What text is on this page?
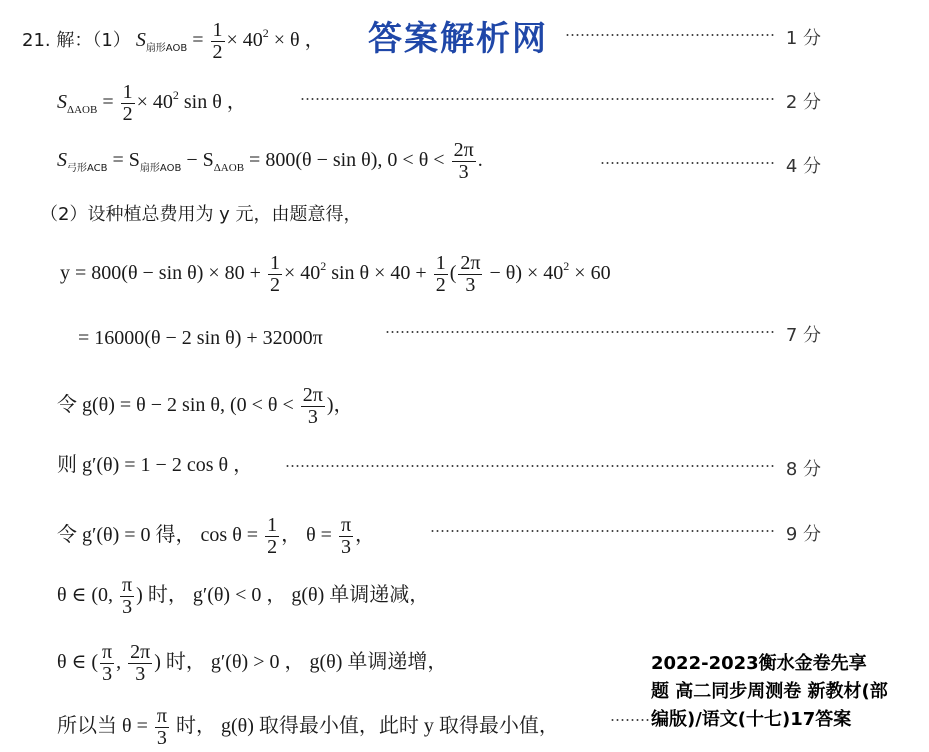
答案解析网
21. 解：（1） $S_{扇形AOB} = \frac{1}{2} \times 40^2 \times \theta$ ，	1 分
$S_{\Delta AOB} = \frac{1}{2} \times 40^2$ sin θ ，	2 分
$S_{弓形ACB} = S_{扇形AOB} - S_{\Delta AOB} = 800(\theta - \sin \theta)$, $0 < \theta < \frac{2\pi}{3}$ .	4 分
（2）设种植总费用为 y 元，由题意得，
$y = 800(\theta - \sin \theta) \times 80 + \frac{1}{2} \times 40^2$ $\sin \theta \times 40 + \frac{1}{2}$ ( $\frac{2\pi}{3} - \theta) \times 40^2 \times 60$
= 16000(θ − 2 sin θ) + 32000π	7 分
令 g(θ) = θ − 2 sin θ, ($0 < \theta < \frac{2\pi}{3}$ )，
则 g′(θ) = 1 − 2 cos θ ，	8 分
令 g′(θ) = 0 得， $\cos \theta = \frac{1}{2}$ ， $\theta = \frac{\pi}{3}$ ，	9 分
θ ∈ (0, $\frac{\pi}{3}$ ) 时， g′(θ) < 0 ， g(θ) 单调递减，
θ ∈ ( $\frac{\pi}{3}$ , $\frac{2\pi}{3}$ ) 时， g′(θ) > 0 ， g(θ) 单调递增，
所以当 $\theta = \frac{\pi}{3}$ 时， g(θ) 取得最小值，此时 y 取得最小值，
2022-2023衡水金卷先享
题 高二同步周测卷 新教材(部
编版)/语文(十七)17答案
